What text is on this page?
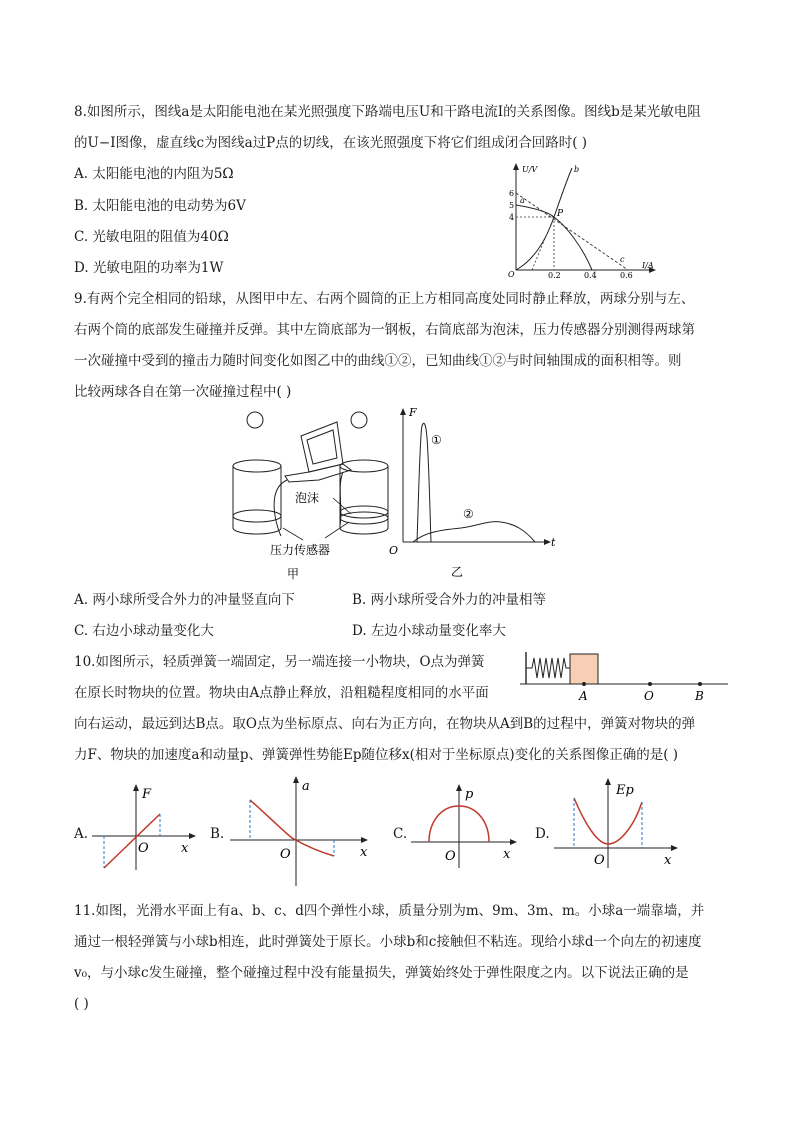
8.如图所示，图线a是太阳能电池在某光照强度下路端电压U和干路电流I的关系图像。图线b是某光敏电阻
的U−I图像，虚直线c为图线a过P点的切线，在该光照强度下将它们组成闭合回路时( )
A. 太阳能电池的内阻为5Ω
B. 太阳能电池的电动势为6V
C. 光敏电阻的阻值为40Ω
D. 光敏电阻的功率为1W
U/V
I/A
O
6
5
4
0.2	0.4	0.6
c
a
b
P
9.有两个完全相同的铅球，从图甲中左、右两个圆筒的正上方相同高度处同时静止释放，两球分别与左、
右两个筒的底部发生碰撞并反弹。其中左筒底部为一钢板，右筒底部为泡沫，压力传感器分别测得两球第
一次碰撞中受到的撞击力随时间变化如图乙中的曲线①②，已知曲线①②与时间轴围成的面积相等。则
比较两球各自在第一次碰撞过程中( )
泡沫
压力传感器
甲
F
t
O
①
②
乙
A. 两小球所受合外力的冲量竖直向下	B. 两小球所受合外力的冲量相等
C. 右边小球动量变化大	D. 左边小球动量变化率大
10.如图所示，轻质弹簧一端固定，另一端连接一小物块，O点为弹簧
在原长时物块的位置。物块由A点静止释放，沿粗糙程度相同的水平面
向右运动，最远到达B点。取O点为坐标原点、向右为正方向，在物块从A到B的过程中，弹簧对物块的弹
力F、物块的加速度a和动量p、弹簧弹性势能Ep随位移x(相对于坐标原点)变化的关系图像正确的是( )
A	O	B
A.
F
x
O
B.
a
x
O
C.
p
x
O
D.
Ep
x
O
11.如图，光滑水平面上有a、b、c、d四个弹性小球，质量分别为m、9m、3m、m。小球a一端靠墙，并
通过一根轻弹簧与小球b相连，此时弹簧处于原长。小球b和c接触但不粘连。现给小球d一个向左的初速度
v₀，与小球c发生碰撞，整个碰撞过程中没有能量损失，弹簧始终处于弹性限度之内。以下说法正确的是
( )
